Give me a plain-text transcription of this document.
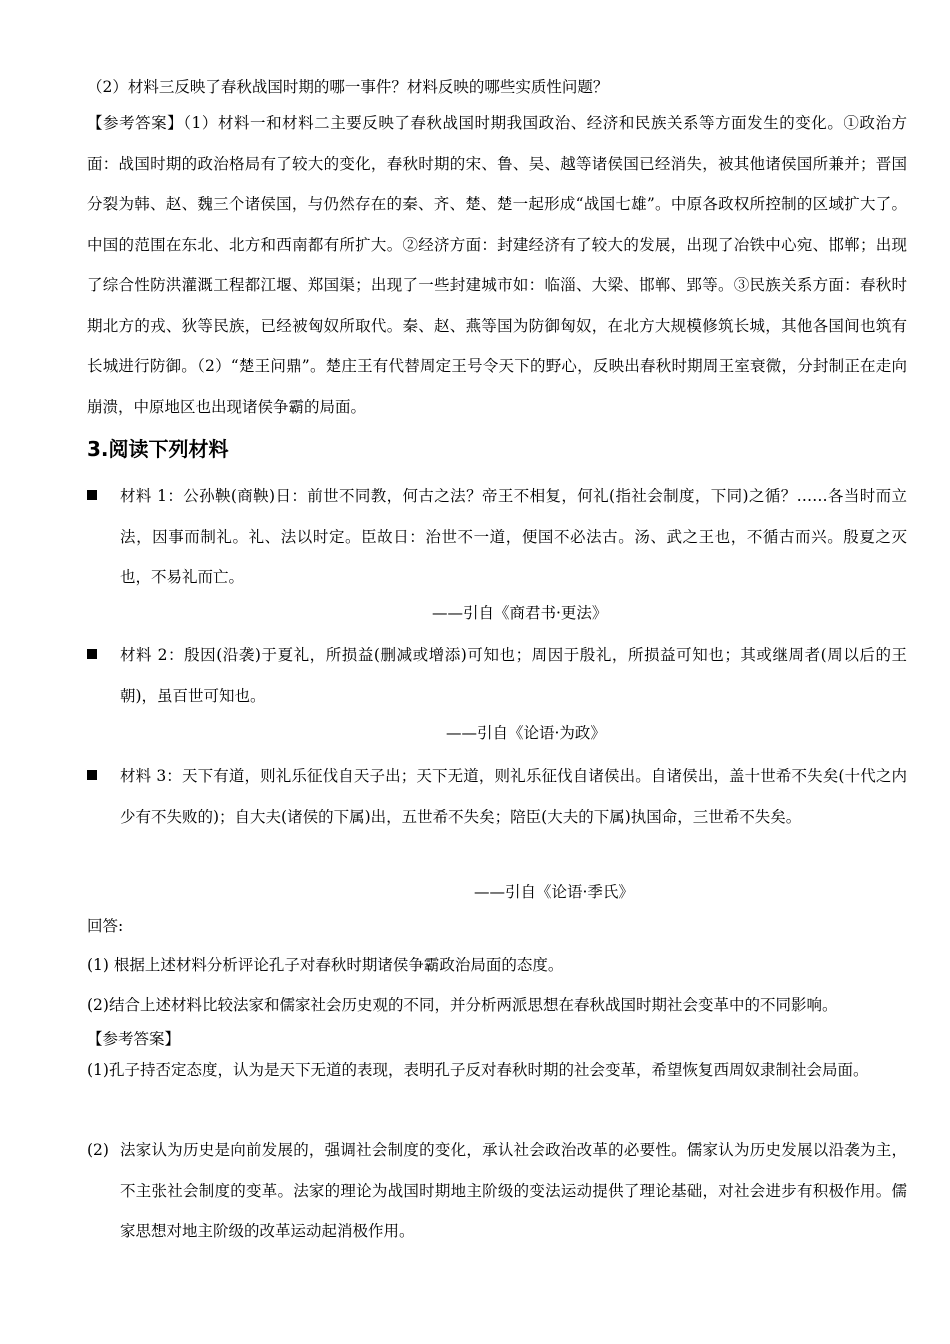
（2）材料三反映了春秋战国时期的哪一事件？材料反映的哪些实质性问题？

【参考答案】（1）材料一和材料二主要反映了春秋战国时期我国政治、经济和民族关系等方面发生的变化。①政治方面：战国时期的政治格局有了较大的变化，春秋时期的宋、鲁、吴、越等诸侯国已经消失，被其他诸侯国所兼并；晋国分裂为韩、赵、魏三个诸侯国，与仍然存在的秦、齐、楚、楚一起形成“战国七雄”。中原各政权所控制的区域扩大了。中国的范围在东北、北方和西南都有所扩大。②经济方面：封建经济有了较大的发展，出现了冶铁中心宛、邯郸；出现了综合性防洪灌溉工程都江堰、郑国渠；出现了一些封建城市如：临淄、大梁、邯郸、郢等。③民族关系方面：春秋时期北方的戎、狄等民族，已经被匈奴所取代。秦、赵、燕等国为防御匈奴，在北方大规模修筑长城，其他各国间也筑有长城进行防御。（2）“楚王问鼎”。楚庄王有代替周定王号令天下的野心，反映出春秋时期周王室衰微，分封制正在走向崩溃，中原地区也出现诸侯争霸的局面。

3.阅读下列材料

材料 1：公孙鞅(商鞅)日：前世不同教，何古之法？帝王不相复，何礼(指社会制度，下同)之循？……各当时而立法，因事而制礼。礼、法以时定。臣故日：治世不一道，便国不必法古。汤、武之王也，不循古而兴。殷夏之灭也，不易礼而亡。

——引自《商君书·更法》

材料 2：殷因(沿袭)于夏礼，所损益(删减或增添)可知也；周因于殷礼，所损益可知也；其或继周者(周以后的王朝)，虽百世可知也。

——引自《论语·为政》

材料 3：天下有道，则礼乐征伐自天子出；天下无道，则礼乐征伐自诸侯出。自诸侯出，盖十世希不失矣(十代之内少有不失败的)；自大夫(诸侯的下属)出，五世希不失矣；陪臣(大夫的下属)执国命，三世希不失矣。

——引自《论语·季氏》

回答:

(1) 根据上述材料分析评论孔子对春秋时期诸侯争霸政治局面的态度。

(2)结合上述材料比较法家和儒家社会历史观的不同，并分析两派思想在春秋战国时期社会变革中的不同影响。

【参考答案】

(1)孔子持否定态度，认为是天下无道的表现，表明孔子反对春秋时期的社会变革，希望恢复西周奴隶制社会局面。

(2) 法家认为历史是向前发展的，强调社会制度的变化，承认社会政治改革的必要性。儒家认为历史发展以沿袭为主，不主张社会制度的变革。法家的理论为战国时期地主阶级的变法运动提供了理论基础，对社会进步有积极作用。儒家思想对地主阶级的改革运动起消极作用。
